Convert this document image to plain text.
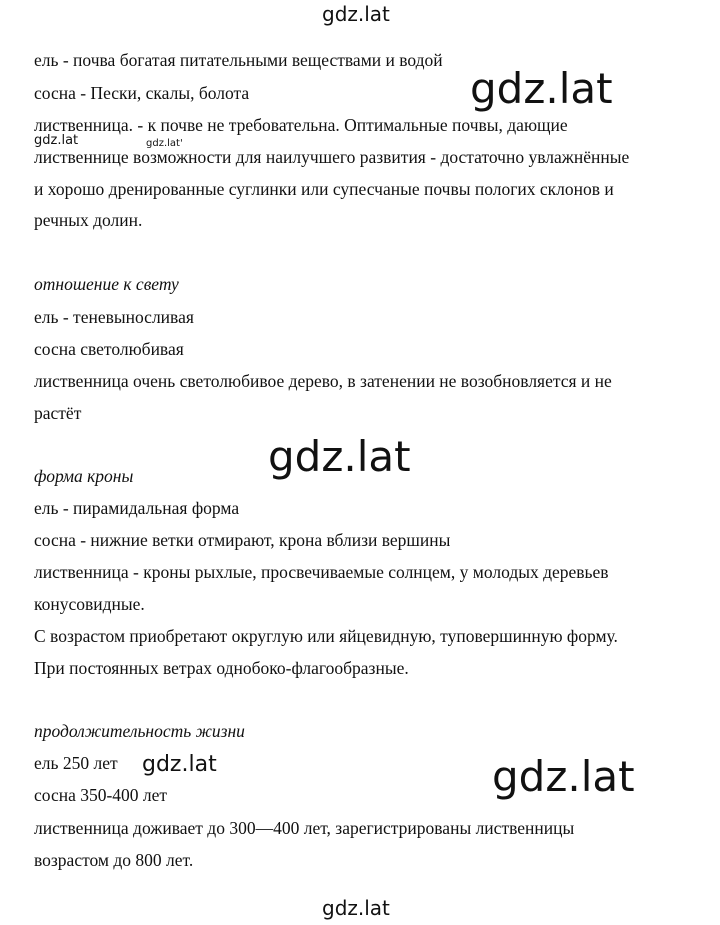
gdz.lat
gdz.lat
gdz.lat	gdz.lat'
gdz.lat
gdz.lat	gdz.lat
gdz.lat
ель - почва богатая питательными веществами и водой
сосна - Пески, скалы, болота
лиственница. - к почве не требовательна. Оптимальные почвы, дающие
лиственнице возможности для наилучшего развития - достаточно увлажнённые
и хорошо дренированные суглинки или супесчаные почвы пологих склонов и
речных долин.
отношение к свету
ель - теневыносливая
сосна светолюбивая
лиственница очень светолюбивое дерево, в затенении не возобновляется и не
растёт
форма кроны
ель - пирамидальная форма
сосна - нижние ветки отмирают, крона вблизи вершины
лиственница - кроны рыхлые, просвечиваемые солнцем, у молодых деревьев
конусовидные.
С возрастом приобретают округлую или яйцевидную, туповершинную форму.
При постоянных ветрах однобоко-флагообразные.
продолжительность жизни
ель 250 лет
сосна 350-400 лет
лиственница доживает до 300—400 лет, зарегистрированы лиственницы
возрастом до 800 лет.
